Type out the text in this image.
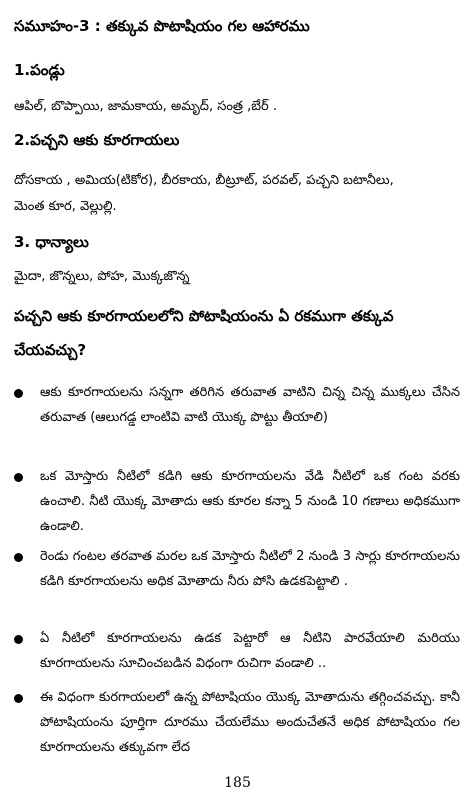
సమూహం-3 : తక్కువ పొటాషియం గల ఆహారము
1.పండ్లు
ఆపిల్, బొప్పాయి, జామకాయ, అమృద్, సంత్ర ,బేర్ .
2.పచ్చని ఆకు కూరగాయలు
దోసకాయ , అమియ(టికోర), బీరకాయ, బీట్రూట్, పరవల్, పచ్చని బటానీలు,
మెంత కూర, వెల్లుల్లి.
3. ధాన్యాలు
మైదా, జొన్నలు, పోహ, మొక్కజొన్న
పచ్చని ఆకు కూరగాయలలోని పోటాషియంను ఏ రకముగా తక్కువ
చేయవచ్చు?
ఆకు కూరగాయలను సన్నగా తరిగిన తరువాత వాటిని చిన్న చిన్న ముక్కలు చేసిన తరువాత (ఆలుగడ్డ లాంటివి వాటి యొక్క పొట్టు తీయాలి)
ఒక మోస్తారు నీటిలో కడిగి ఆకు కూరగాయలను వేడి నీటిలో ఒక గంట వరకు ఉంచాలి. నీటి యొక్క మోతాదు ఆకు కూరల కన్నా 5 నుండి 10 గణాలు అధికముగా ఉండాలి.
రెండు గంటల తరవాత మరల ఒక మోస్తారు నీటిలో 2 నుండి 3 సార్లు కూరగాయలను కడిగి కూరగాయలను అధిక మోతాదు నీరు పోసి ఉడకపెట్టాలి .
ఏ నీటిలో కూరగాయలను ఉడక పెట్టారో ఆ నీటిని పారవేయాలి మరియు కూరగాయలను సూచించబడిన విధంగా రుచిగా వండాలి ..
ఈ విధంగా కురగాయలలో ఉన్న పోటాషియం యొక్క మోతాదును తగ్గించవచ్చు. కానీ పోటాషియంను పూర్తిగా దూరము చేయలేము అందుచేతనే అధిక పోటాషియం గల కూరగాయలను తక్కువగా లేద
185
